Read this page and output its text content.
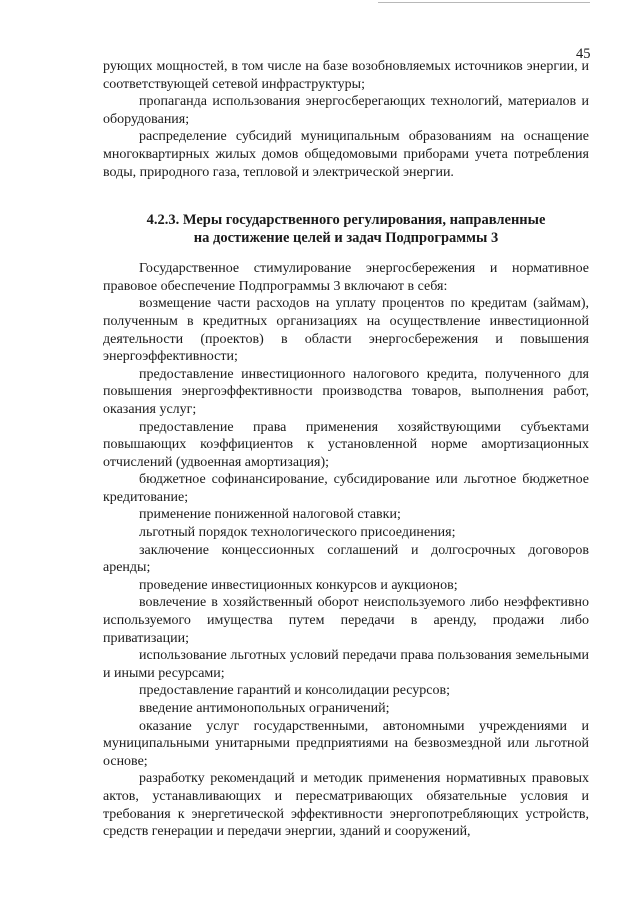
45

рующих мощностей, в том числе на базе возобновляемых источников энергии, и соответствующей сетевой инфраструктуры;

пропаганда использования энергосберегающих технологий, материалов и оборудования;

распределение субсидий муниципальным образованиям на оснащение многоквартирных жилых домов общедомовыми приборами учета потребления воды, природного газа, тепловой и электрической энергии.

4.2.3. Меры государственного регулирования, направленные
на достижение целей и задач Подпрограммы 3

Государственное стимулирование энергосбережения и нормативное правовое обеспечение Подпрограммы 3 включают в себя:

возмещение части расходов на уплату процентов по кредитам (займам), полученным в кредитных организациях на осуществление инвестиционной деятельности (проектов) в области энергосбережения и повышения энергоэффективности;

предоставление инвестиционного налогового кредита, полученного для повышения энергоэффективности производства товаров, выполнения работ, оказания услуг;

предоставление права применения хозяйствующими субъектами повышающих коэффициентов к установленной норме амортизационных отчислений (удвоенная амортизация);

бюджетное софинансирование, субсидирование или льготное бюджетное кредитование;

применение пониженной налоговой ставки;

льготный порядок технологического присоединения;

заключение концессионных соглашений и долгосрочных договоров аренды;

проведение инвестиционных конкурсов и аукционов;

вовлечение в хозяйственный оборот неиспользуемого либо неэффективно используемого имущества путем передачи в аренду, продажи либо приватизации;

использование льготных условий передачи права пользования земельными и иными ресурсами;

предоставление гарантий и консолидации ресурсов;

введение антимонопольных ограничений;

оказание услуг государственными, автономными учреждениями и муниципальными унитарными предприятиями на безвозмездной или льготной основе;

разработку рекомендаций и методик применения нормативных правовых актов, устанавливающих и пересматривающих обязательные условия и требования к энергетической эффективности энергопотребляющих устройств, средств генерации и передачи энергии, зданий и сооружений,
